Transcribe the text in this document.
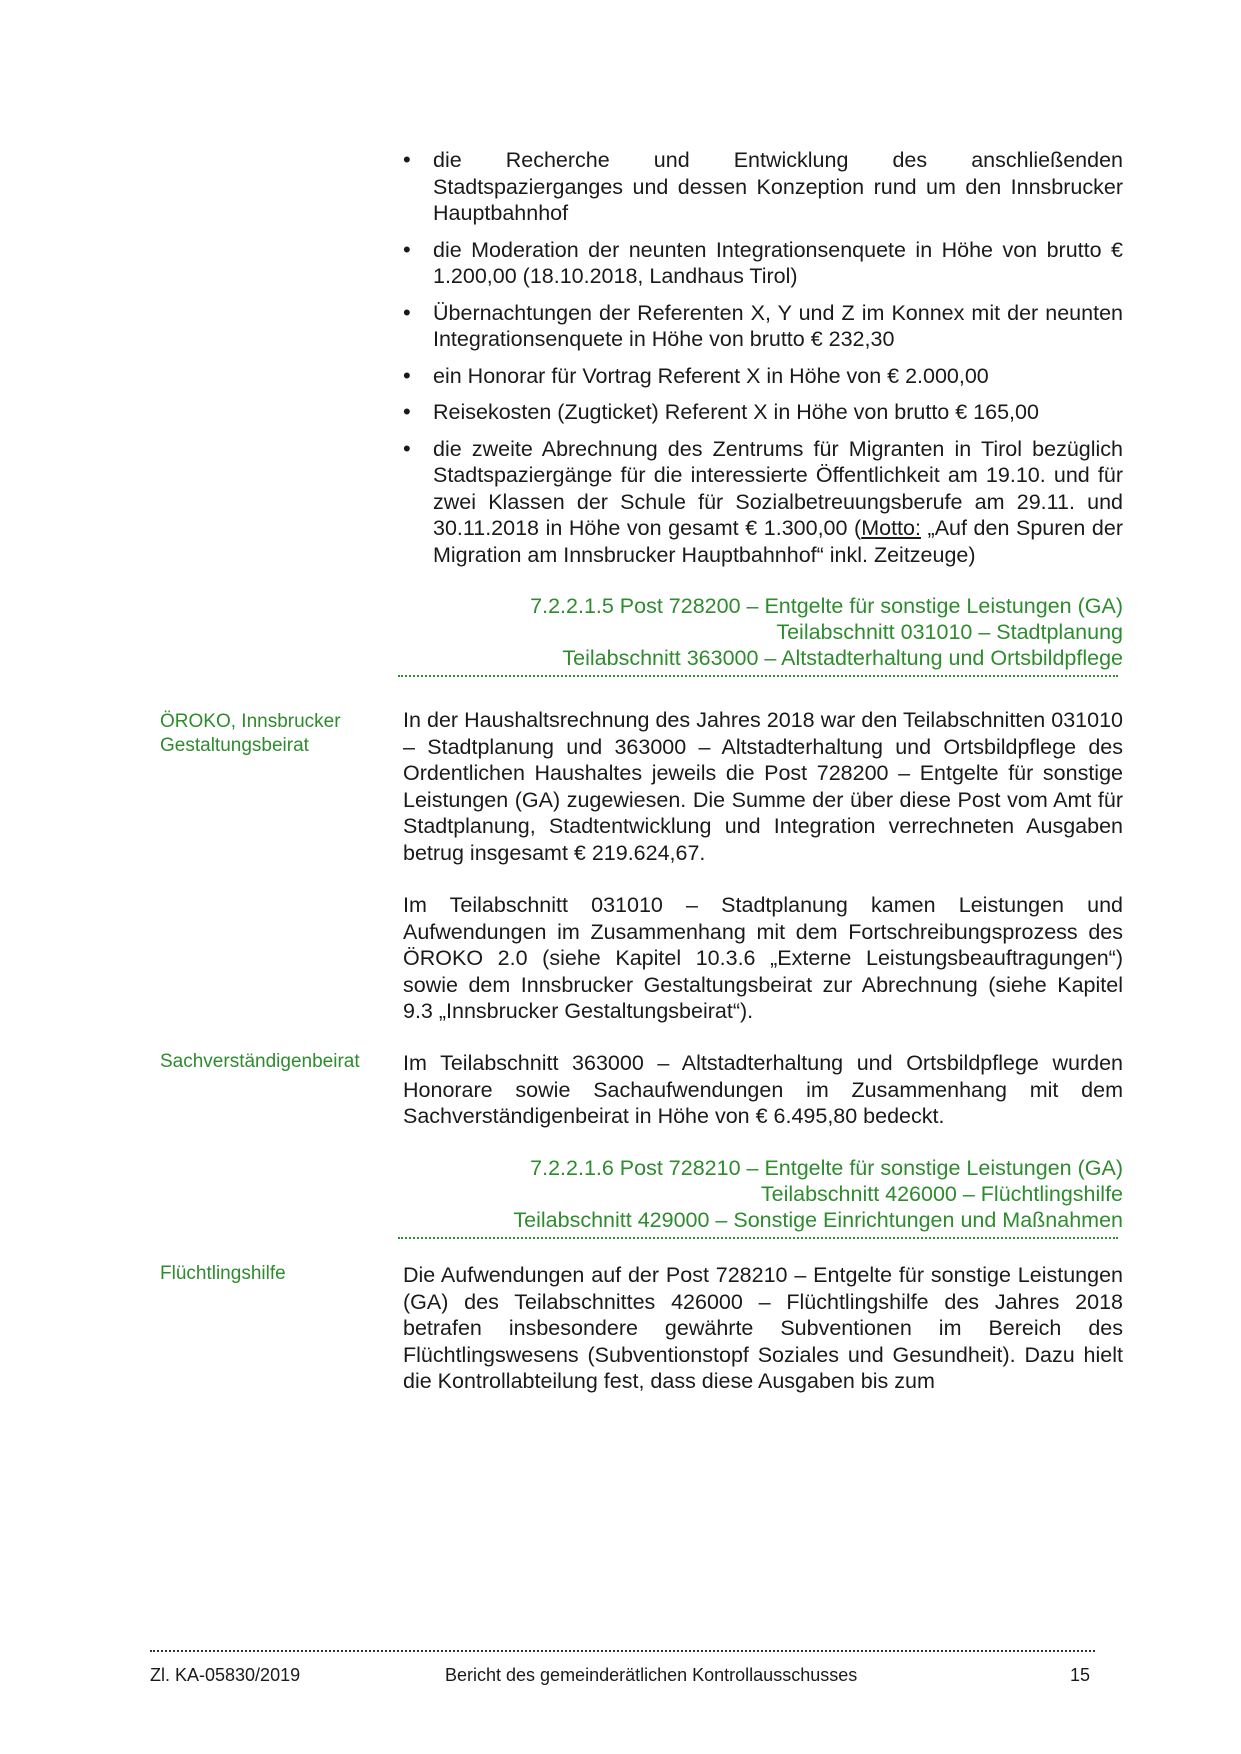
• die Recherche und Entwicklung des anschließenden Stadtspazierganges und dessen Konzeption rund um den Innsbrucker Hauptbahnhof
• die Moderation der neunten Integrationsenquete in Höhe von brutto € 1.200,00 (18.10.2018, Landhaus Tirol)
• Übernachtungen der Referenten X, Y und Z im Konnex mit der neunten Integrationsenquete in Höhe von brutto € 232,30
• ein Honorar für Vortrag Referent X in Höhe von € 2.000,00
• Reisekosten (Zugticket) Referent X in Höhe von brutto € 165,00
• die zweite Abrechnung des Zentrums für Migranten in Tirol bezüglich Stadtspaziergänge für die interessierte Öffentlichkeit am 19.10. und für zwei Klassen der Schule für Sozialbetreuungsberufe am 29.11. und 30.11.2018 in Höhe von gesamt € 1.300,00 (Motto: „Auf den Spuren der Migration am Innsbrucker Hauptbahnhof“ inkl. Zeitzeuge)
7.2.2.1.5 Post 728200 – Entgelte für sonstige Leistungen (GA)
Teilabschnitt 031010 – Stadtplanung
Teilabschnitt 363000 – Altstadterhaltung und Ortsbildpflege
ÖROKO, Innsbrucker Gestaltungsbeirat
Sachverständigenbeirat
Flüchtlingshilfe
In der Haushaltsrechnung des Jahres 2018 war den Teilabschnitten 031010 – Stadtplanung und 363000 – Altstadterhaltung und Ortsbildpflege des Ordentlichen Haushaltes jeweils die Post 728200 – Entgelte für sonstige Leistungen (GA) zugewiesen. Die Summe der über diese Post vom Amt für Stadtplanung, Stadtentwicklung und Integration verrechneten Ausgaben betrug insgesamt € 219.624,67.
Im Teilabschnitt 031010 – Stadtplanung kamen Leistungen und Aufwendungen im Zusammenhang mit dem Fortschreibungsprozess des ÖROKO 2.0 (siehe Kapitel 10.3.6 „Externe Leistungsbeauftragungen“) sowie dem Innsbrucker Gestaltungsbeirat zur Abrechnung (siehe Kapitel 9.3 „Innsbrucker Gestaltungsbeirat“).
Im Teilabschnitt 363000 – Altstadterhaltung und Ortsbildpflege wurden Honorare sowie Sachaufwendungen im Zusammenhang mit dem Sachverständigenbeirat in Höhe von € 6.495,80 bedeckt.
7.2.2.1.6 Post 728210 – Entgelte für sonstige Leistungen (GA)
Teilabschnitt 426000 – Flüchtlingshilfe
Teilabschnitt 429000 – Sonstige Einrichtungen und Maßnahmen
Die Aufwendungen auf der Post 728210 – Entgelte für sonstige Leistungen (GA) des Teilabschnittes 426000 – Flüchtlingshilfe des Jahres 2018 betrafen insbesondere gewährte Subventionen im Bereich des Flüchtlingswesens (Subventionstopf Soziales und Gesundheit). Dazu hielt die Kontrollabteilung fest, dass diese Ausgaben bis zum
Zl. KA-05830/2019	Bericht des gemeinderätlichen Kontrollausschusses	15
